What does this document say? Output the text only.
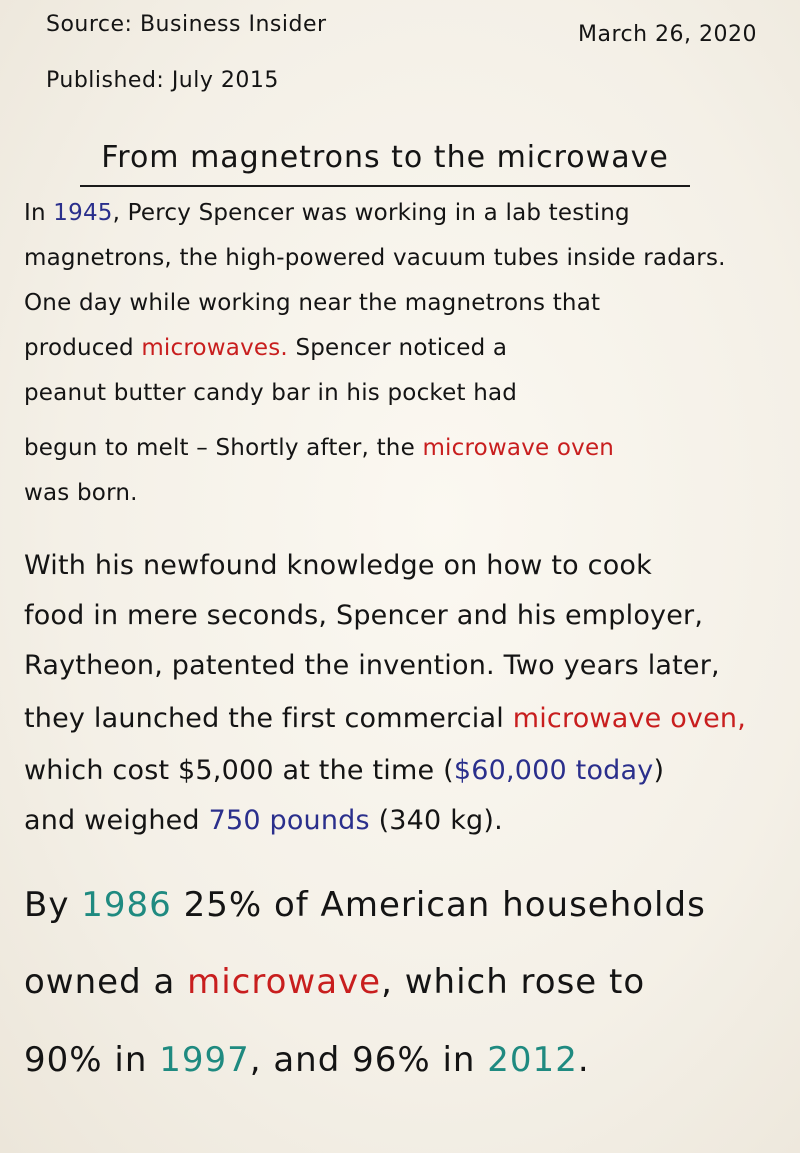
Source: Business Insider
Published: July 2015
March 26, 2020
From magnetrons to the microwave
In 1945, Percy Spencer was working in a lab testing
magnetrons, the high-powered vacuum tubes inside radars.
One day while working near the magnetrons that
produced microwaves. Spencer noticed a
peanut butter candy bar in his pocket had
begun to melt – Shortly after, the microwave oven
was born.
With his newfound knowledge on how to cook
food in mere seconds, Spencer and his employer,
Raytheon, patented the invention. Two years later,
they launched the first commercial microwave oven,
which cost $5,000 at the time ($60,000 today)
and weighed 750 pounds (340 kg).
By 1986 25% of American households
owned a microwave, which rose to
90% in 1997, and 96% in 2012.
